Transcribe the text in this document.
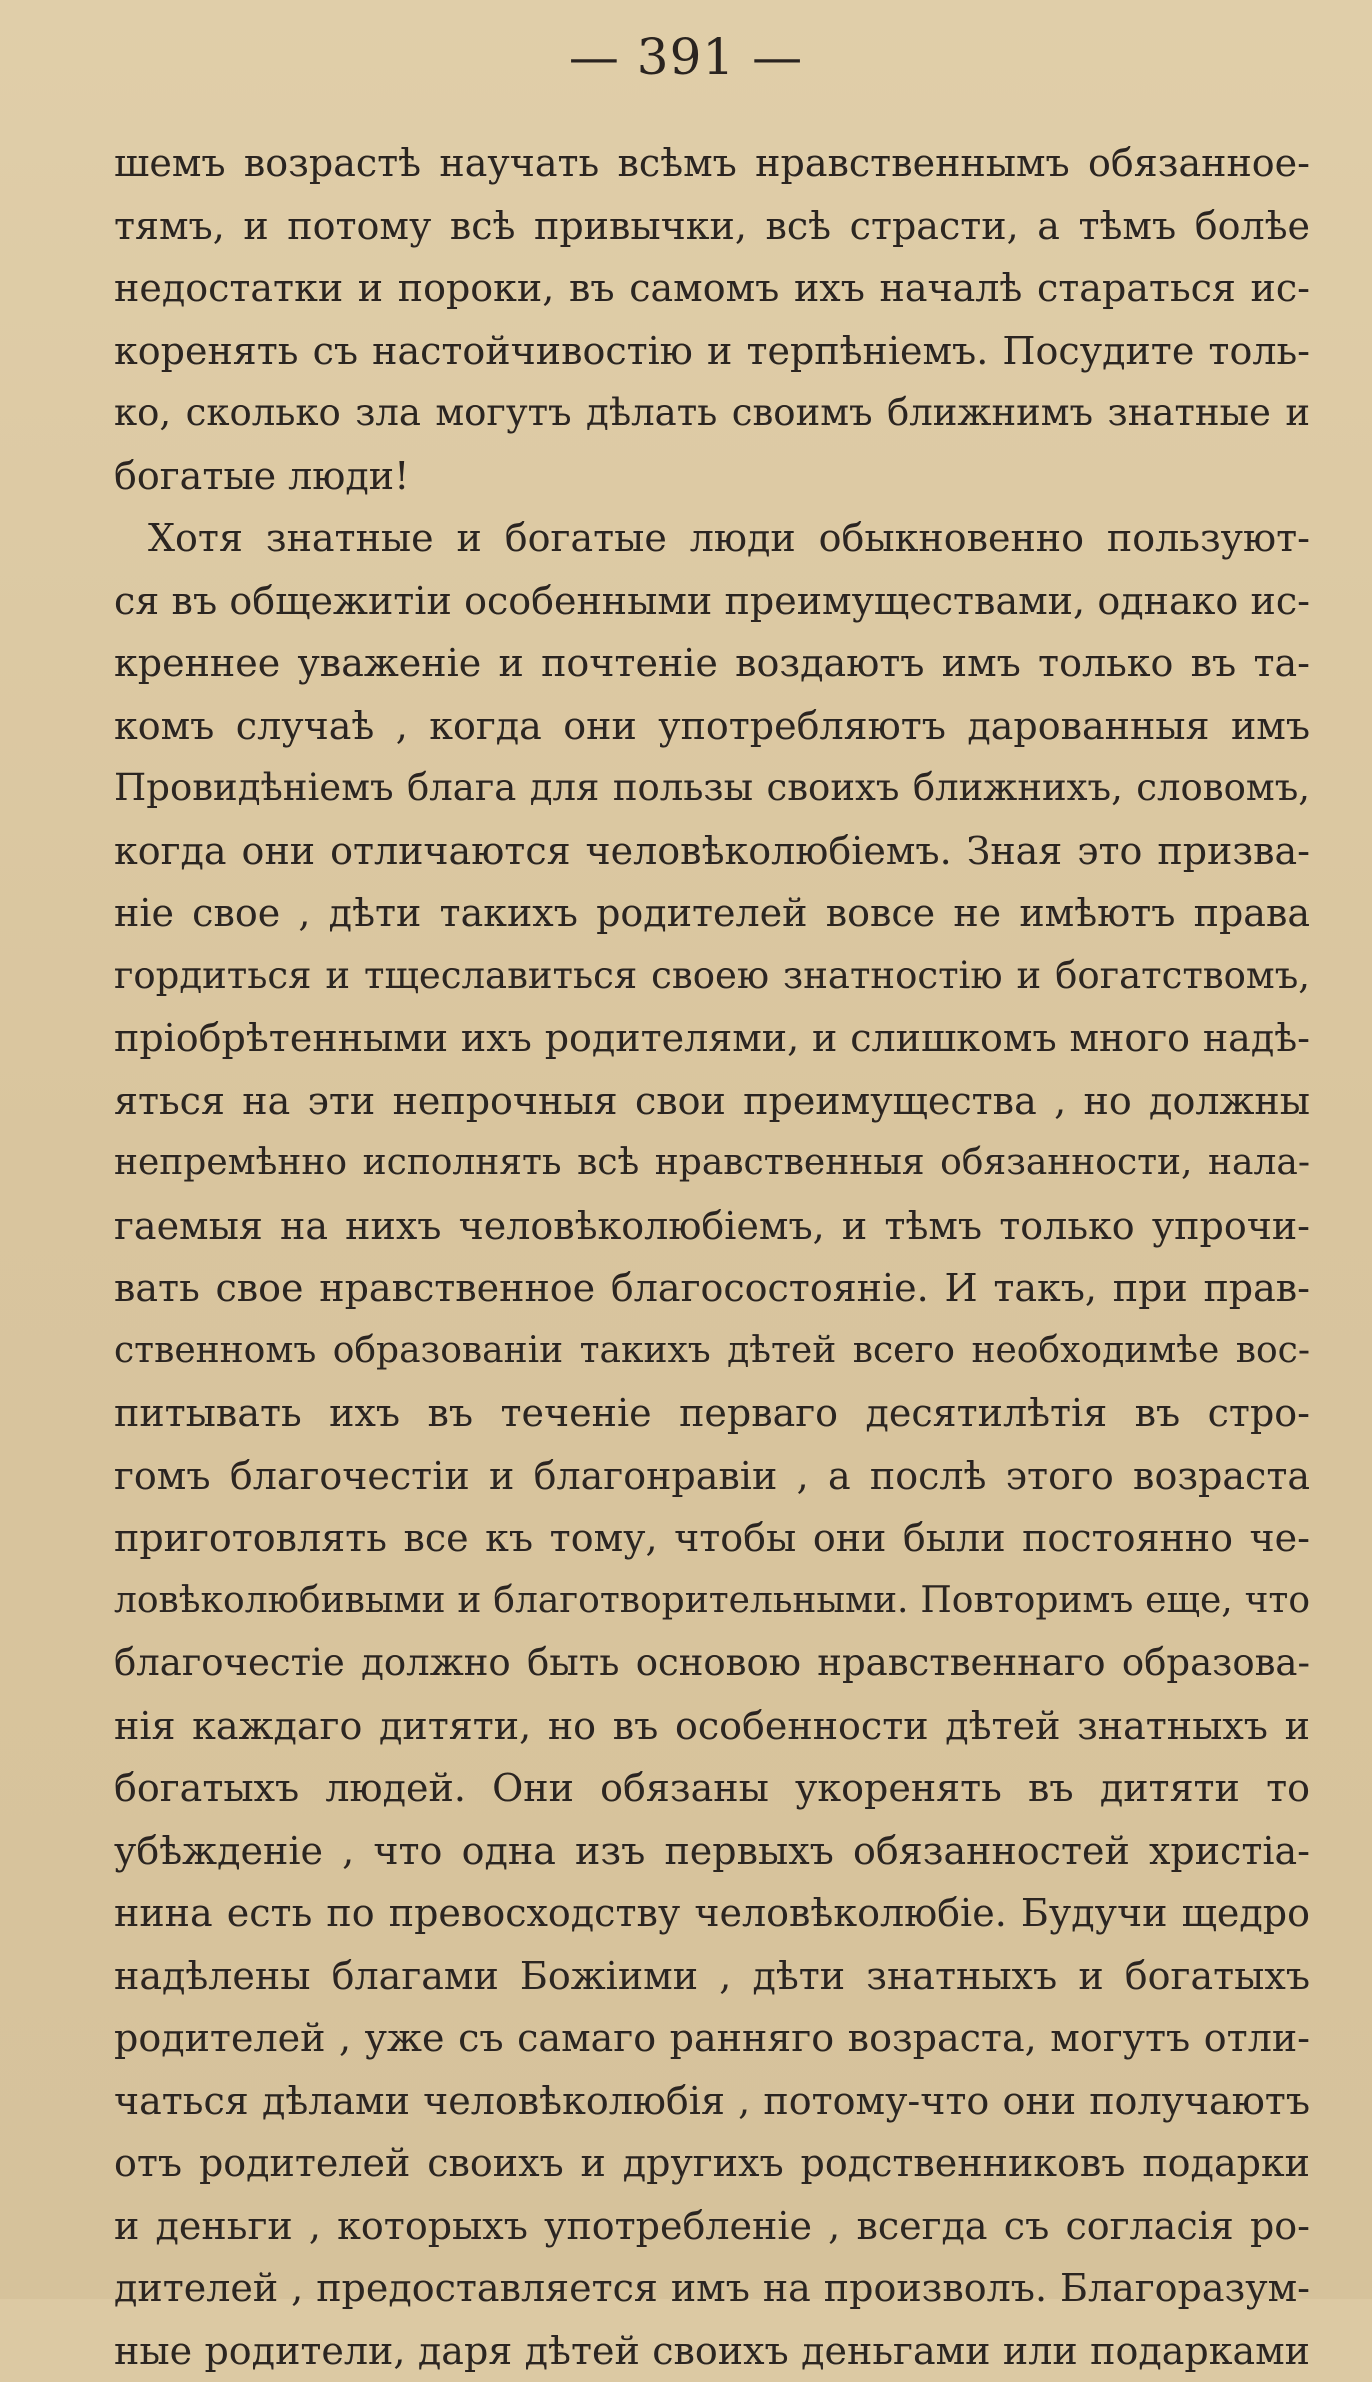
— 391 —
шемъ возрастѣ научать всѣмъ нравственнымъ обязанное-
тямъ, и потому всѣ привычки, всѣ страсти, а тѣмъ болѣе
недостатки и пороки, въ самомъ ихъ началѣ стараться ис-
коренять съ настойчивостiю и терпѣнiемъ. Посудите толь-
ко, сколько зла могутъ дѣлать своимъ ближнимъ знатные и
богатые люди!
Хотя знатные и богатые люди обыкновенно пользуют-
ся въ общежитiи особенными преимуществами, однако ис-
креннее уваженiе и почтенiе воздаютъ имъ только въ та-
комъ случаѣ , когда они употребляютъ дарованныя имъ
Провидѣнiемъ блага для пользы своихъ ближнихъ, словомъ,
когда они отличаются человѣколюбiемъ. Зная это призва-
нiе свое , дѣти такихъ родителей вовсе не имѣютъ права
гордиться и тщеславиться своею знатностiю и богатствомъ,
прiобрѣтенными ихъ родителями, и слишкомъ много надѣ-
яться на эти непрочныя свои преимущества , но должны
непремѣнно исполнять всѣ нравственныя обязанности, нала-
гаемыя на нихъ человѣколюбiемъ, и тѣмъ только упрочи-
вать свое нравственное благосостоянiе. И такъ, при прав-
ственномъ образованiи такихъ дѣтей всего необходимѣе вос-
питывать ихъ въ теченiе перваго десятилѣтiя въ стро-
гомъ благочестiи и благонравiи , а послѣ этого возраста
приготовлять все къ тому, чтобы они были постоянно че-
ловѣколюбивыми и благотворительными. Повторимъ еще, что
благочестiе должно быть основою нравственнаго образова-
нiя каждаго дитяти, но въ особенности дѣтей знатныхъ и
богатыхъ людей. Они обязаны укоренять въ дитяти то
убѣжденiе , что одна изъ первыхъ обязанностей христiа-
нина есть по превосходству человѣколюбiе. Будучи щедро
надѣлены благами Божiими , дѣти знатныхъ и богатыхъ
родителей , уже съ самаго ранняго возраста, могутъ отли-
чаться дѣлами человѣколюбiя , потому-что они получаютъ
отъ родителей своихъ и другихъ родственниковъ подарки
и деньги , которыхъ употребленiе , всегда съ согласiя ро-
дителей , предоставляется имъ на произволъ. Благоразум-
ные родители, даря дѣтей своихъ деньгами или подарками
